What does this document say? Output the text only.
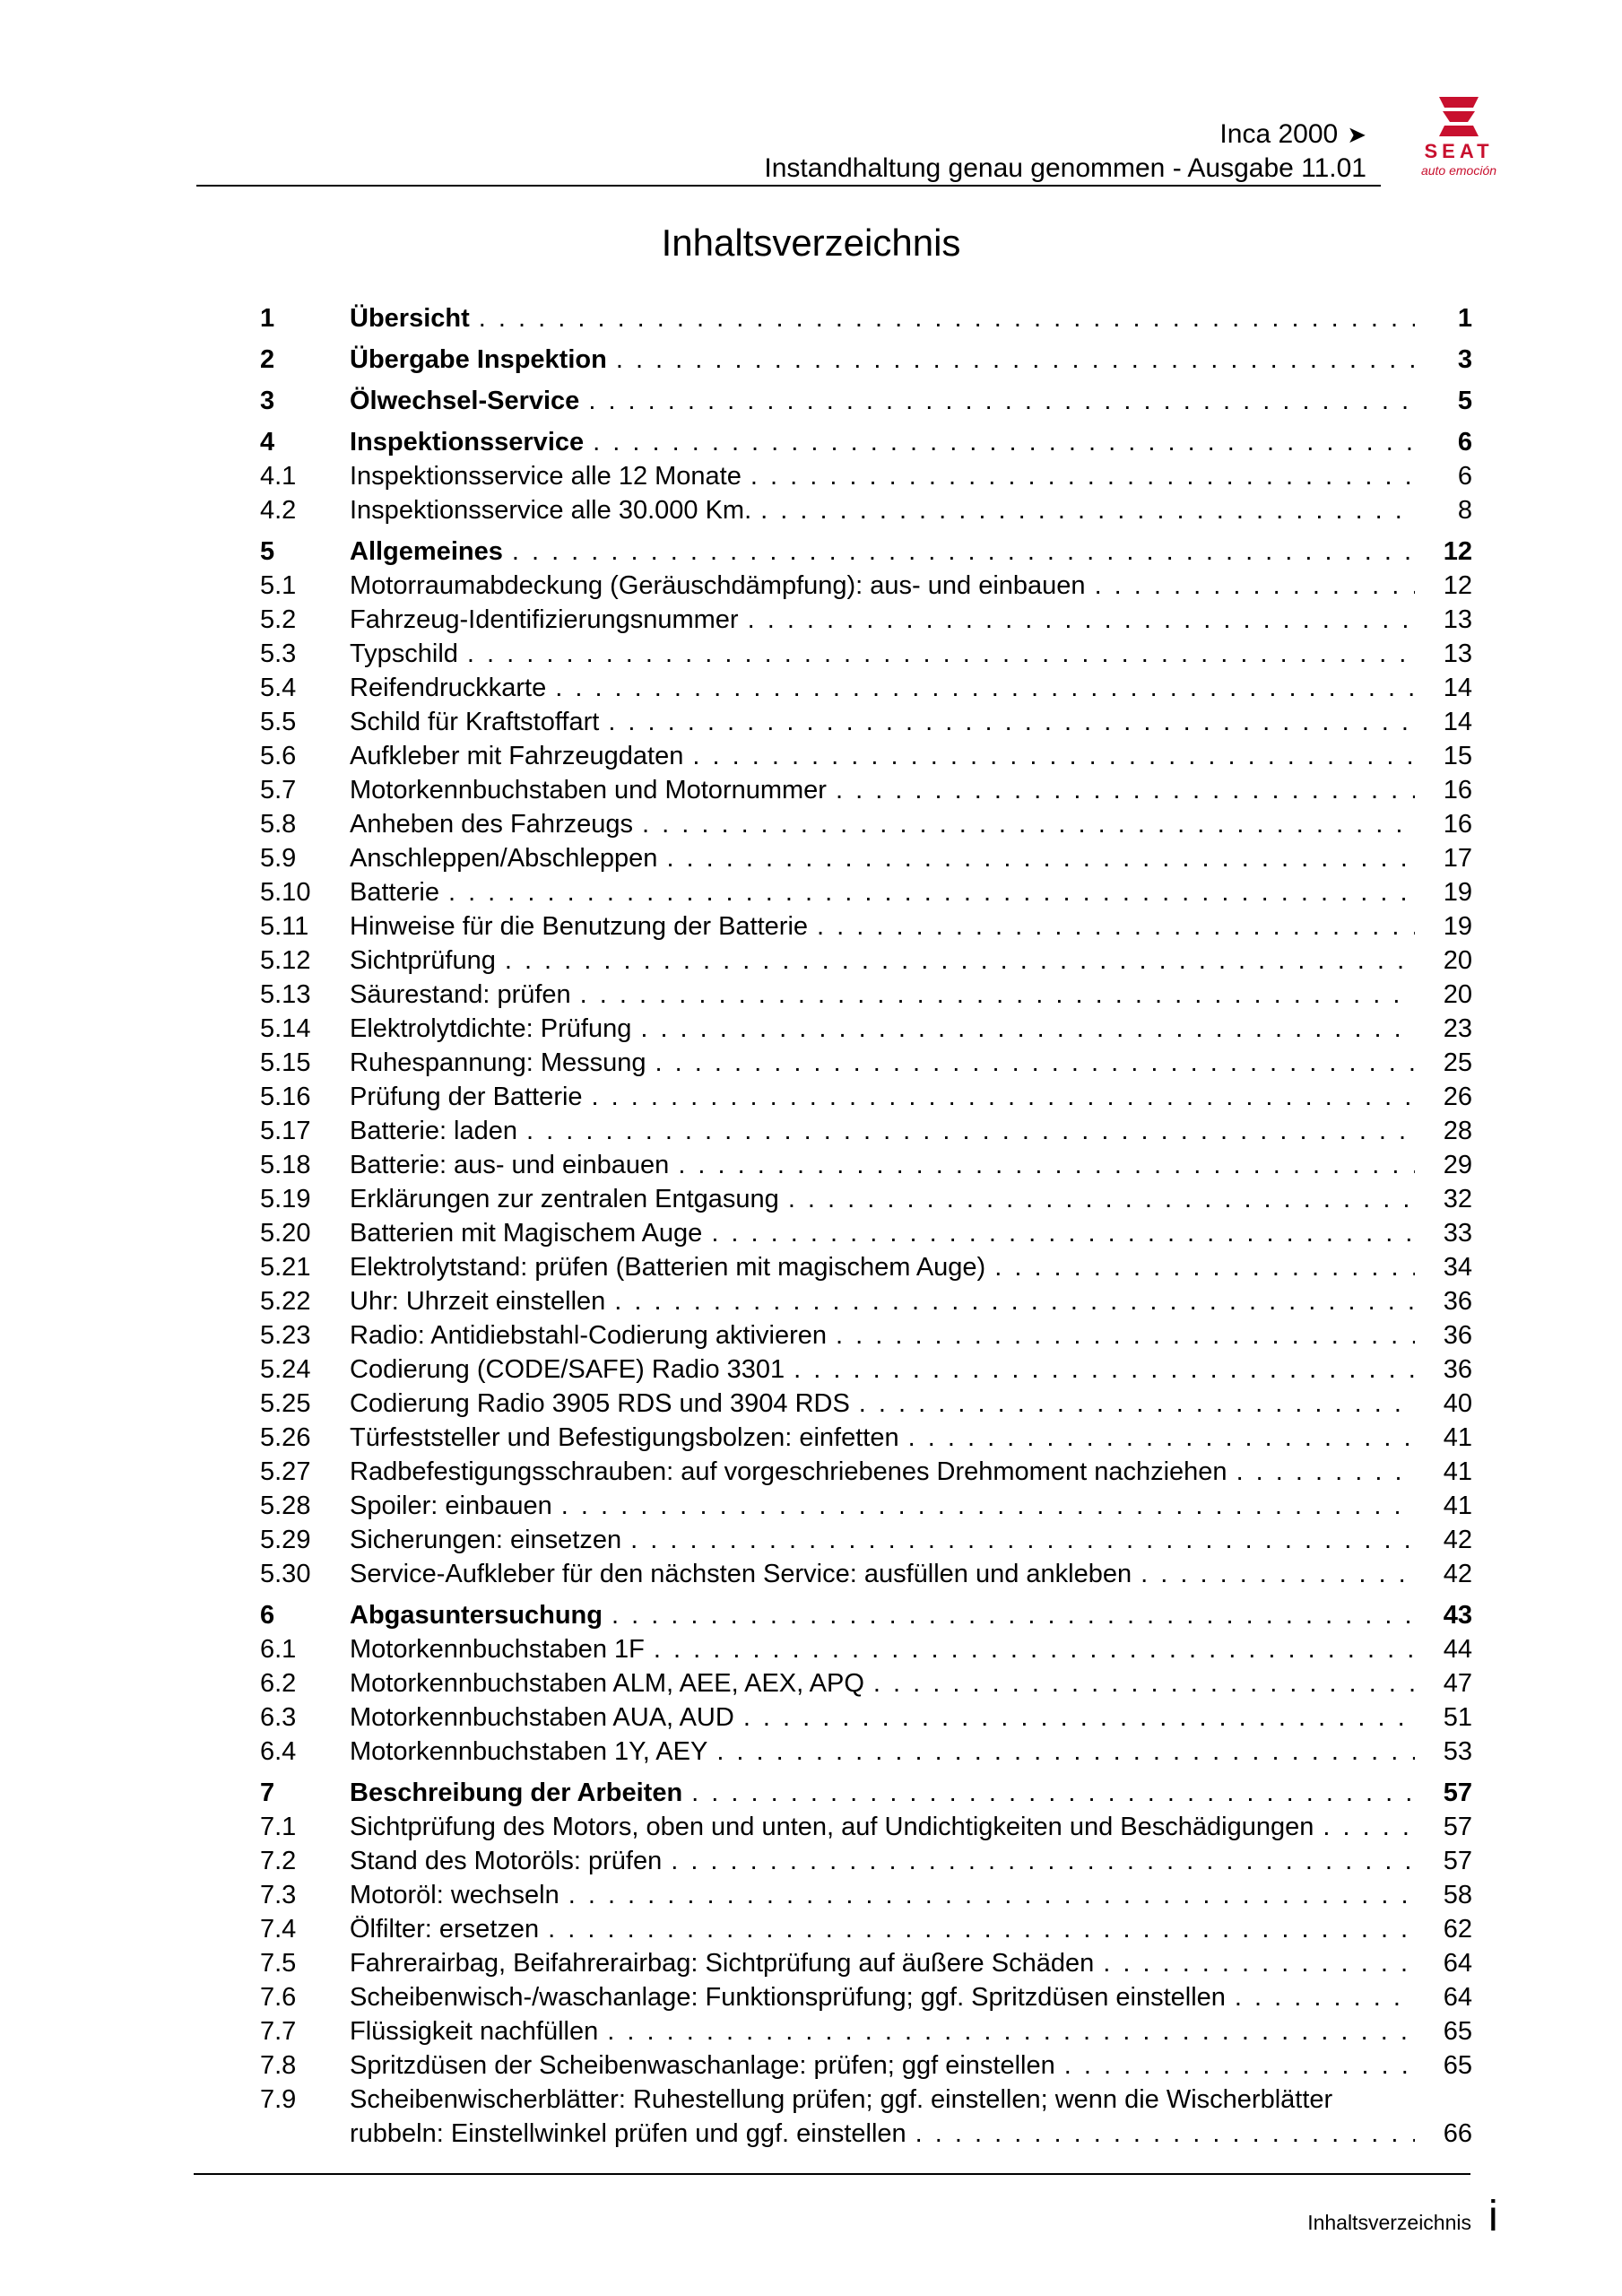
Inca 2000 ➤
Instandhaltung genau genommen - Ausgabe 11.01
SEAT
auto emoción
Inhaltsverzeichnis
1	Übersicht . . .	1
2	Übergabe Inspektion . . .	3
3	Ölwechsel-Service . . .	5
4	Inspektionsservice . . .	6
4.1 Inspektionsservice alle 12 Monate . . .	6
4.2 Inspektionsservice alle 30.000 Km. . . .	8
5	Allgemeines . . .	12
5.1 Motorraumabdeckung (Geräuschdämpfung): aus- und einbauen . . .	12
5.2 Fahrzeug-Identifizierungsnummer . . .	13
5.3 Typschild . . .	13
5.4 Reifendruckkarte . . .	14
5.5 Schild für Kraftstoffart . . .	14
5.6 Aufkleber mit Fahrzeugdaten . . .	15
5.7 Motorkennbuchstaben und Motornummer . . .	16
5.8 Anheben des Fahrzeugs . . .	16
5.9 Anschleppen/Abschleppen . . .	17
5.10 Batterie . . .	19
5.11 Hinweise für die Benutzung der Batterie . . .	19
5.12 Sichtprüfung . . .	20
5.13 Säurestand: prüfen . . .	20
5.14 Elektrolytdichte: Prüfung . . .	23
5.15 Ruhespannung: Messung . . .	25
5.16 Prüfung der Batterie . . .	26
5.17 Batterie: laden . . .	28
5.18 Batterie: aus- und einbauen . . .	29
5.19 Erklärungen zur zentralen Entgasung . . .	32
5.20 Batterien mit Magischem Auge . . .	33
5.21 Elektrolytstand: prüfen (Batterien mit magischem Auge) . . .	34
5.22 Uhr: Uhrzeit einstellen . . .	36
5.23 Radio: Antidiebstahl-Codierung aktivieren . . .	36
5.24 Codierung (CODE/SAFE) Radio 3301 . . .	36
5.25 Codierung Radio 3905 RDS und 3904 RDS . . .	40
5.26 Türfeststeller und Befestigungsbolzen: einfetten . . .	41
5.27 Radbefestigungsschrauben: auf vorgeschriebenes Drehmoment nachziehen . . .	41
5.28 Spoiler: einbauen . . .	41
5.29 Sicherungen: einsetzen . . .	42
5.30 Service-Aufkleber für den nächsten Service: ausfüllen und ankleben . . .	42
6	Abgasuntersuchung . . .	43
6.1 Motorkennbuchstaben 1F . . .	44
6.2 Motorkennbuchstaben ALM, AEE, AEX, APQ . . .	47
6.3 Motorkennbuchstaben AUA, AUD . . .	51
6.4 Motorkennbuchstaben 1Y, AEY . . .	53
7	Beschreibung der Arbeiten . . .	57
7.1 Sichtprüfung des Motors, oben und unten, auf Undichtigkeiten und Beschädigungen . . .	57
7.2 Stand des Motoröls: prüfen . . .	57
7.3 Motoröl: wechseln . . .	58
7.4 Ölfilter: ersetzen . . .	62
7.5 Fahrerairbag, Beifahrerairbag: Sichtprüfung auf äußere Schäden . . .	64
7.6 Scheibenwisch-/waschanlage: Funktionsprüfung; ggf. Spritzdüsen einstellen . . .	64
7.7 Flüssigkeit nachfüllen . . .	65
7.8 Spritzdüsen der Scheibenwaschanlage: prüfen; ggf einstellen . . .	65
7.9 Scheibenwischerblätter: Ruhestellung prüfen; ggf. einstellen; wenn die Wischerblätter
rubbeln: Einstellwinkel prüfen und ggf. einstellen . . .	66
Inhaltsverzeichnis i
